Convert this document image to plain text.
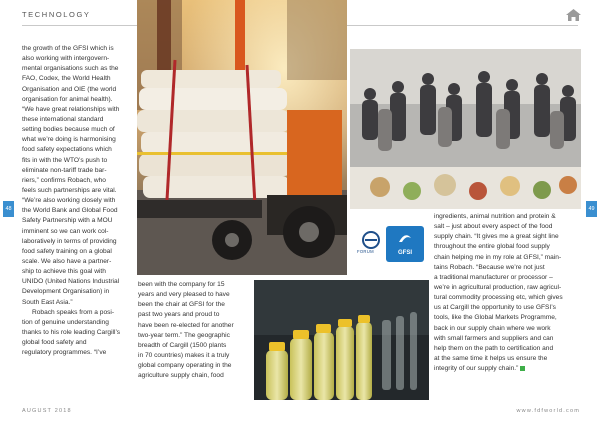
TECHNOLOGY
FORUM	GFSI
48	49
the growth of the GFSI which is
also working with intergovern-
mental organisations such as the
FAO, Codex, the World Health
Organisation and OIE (the world
organisation for animal health).
“We have great relationships with
these international standard
setting bodies because much of
what we’re doing is harmonising
food safety expectations which
fits in with the WTO’s push to
eliminate non-tariff trade bar-
riers,” confirms Robach, who
feels such partnerships are vital.
“We’re also working closely with
the World Bank and Global Food
Safety Partnership with a MOU
imminent so we can work col-
laboratively in terms of providing
food safety training on a global
scale. We also have a partner-
ship to achieve this goal with
UNIDO (United Nations Industrial
Development Organisation) in
South East Asia.”
Robach speaks from a posi-
tion of genuine understanding
thanks to his role leading Cargill’s
global food safety and
regulatory programmes. “I’ve
been with the company for 15
years and very pleased to have
been the chair at GFSI for the
past two years and proud to
have been re-elected for another
two-year term.” The geographic
breadth of Cargill (1500 plants
in 70 countries) makes it a truly
global company operating in the
agriculture supply chain, food
ingredients, animal nutrition and protein &
salt – just about every aspect of the food
supply chain. “It gives me a great sight line
throughout the entire global food supply
chain helping me in my role at GFSI,” main-
tains Robach. “Because we’re not just
a traditional manufacturer or processor –
we’re in agricultural production, raw agricul-
tural commodity processing etc, which gives
us at Cargill the opportunity to use GFSI’s
tools, like the Global Markets Programme,
back in our supply chain where we work
with small farmers and suppliers and can
help them on the path to certification and
at the same time it helps us ensure the
integrity of our supply chain.”
AUGUST 2018	www.fdfworld.com
